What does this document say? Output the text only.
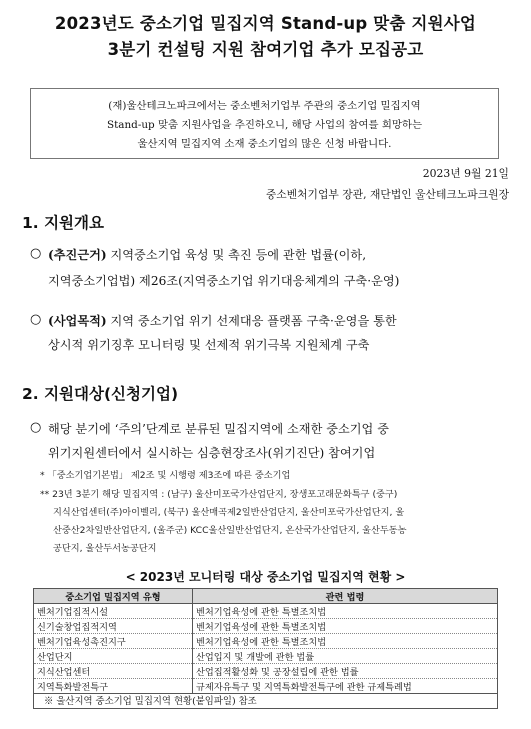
2023년도 중소기업 밀집지역 Stand-up 맞춤 지원사업
3분기 컨설팅 지원 참여기업 추가 모집공고
(재)울산테크노파크에서는 중소벤처기업부 주관의 중소기업 밀집지역
Stand-up 맞춤 지원사업을 추진하오니, 해당 사업의 참여를 희망하는
울산지역 밀집지역 소재 중소기업의 많은 신청 바랍니다.
2023년 9월 21일
중소벤처기업부 장관, 재단법인 울산테크노파크원장
1. 지원개요
○ (추진근거) 지역중소기업 육성 및 촉진 등에 관한 법률(이하,
지역중소기업법) 제26조(지역중소기업 위기대응체계의 구축·운영)
○ (사업목적) 지역 중소기업 위기 선제대응 플랫폼 구축·운영을 통한
상시적 위기징후 모니터링 및 선제적 위기극복 지원체계 구축
2. 지원대상(신청기업)
○ 해당 분기에 ‘주의’단계로 분류된 밀집지역에 소재한 중소기업 중
위기지원센터에서 실시하는 심층현장조사(위기진단) 참여기업
* 「중소기업기본법」 제2조 및 시행령 제3조에 따른 중소기업
** 23년 3분기 해당 밀집지역 : (남구) 울산미포국가산업단지, 장생포고래문화특구 (중구)
지식산업센터(주)아이벨리, (북구) 울산매곡제2일반산업단지, 울산미포국가산업단지, 울
산중산2차일반산업단지, (울주군) KCC울산일반산업단지, 온산국가산업단지, 울산두동농
공단지, 울산두서농공단지
< 2023년 모니터링 대상 중소기업 밀집지역 현황 >
중소기업 밀집지역 유형	관련 법령
벤처기업집적시설	벤처기업육성에 관한 특별조치법
신기술창업집적지역	벤처기업육성에 관한 특별조치법
벤처기업육성촉진지구	벤처기업육성에 관한 특별조치법
산업단지	산업입지 및 개발에 관한 법률
지식산업센터	산업집적활성화 및 공장설립에 관한 법률
지역특화발전특구	규제자유특구 및 지역특화발전특구에 관한 규제특례법
※ 울산지역 중소기업 밀집지역 현황(붙임파일) 참조
